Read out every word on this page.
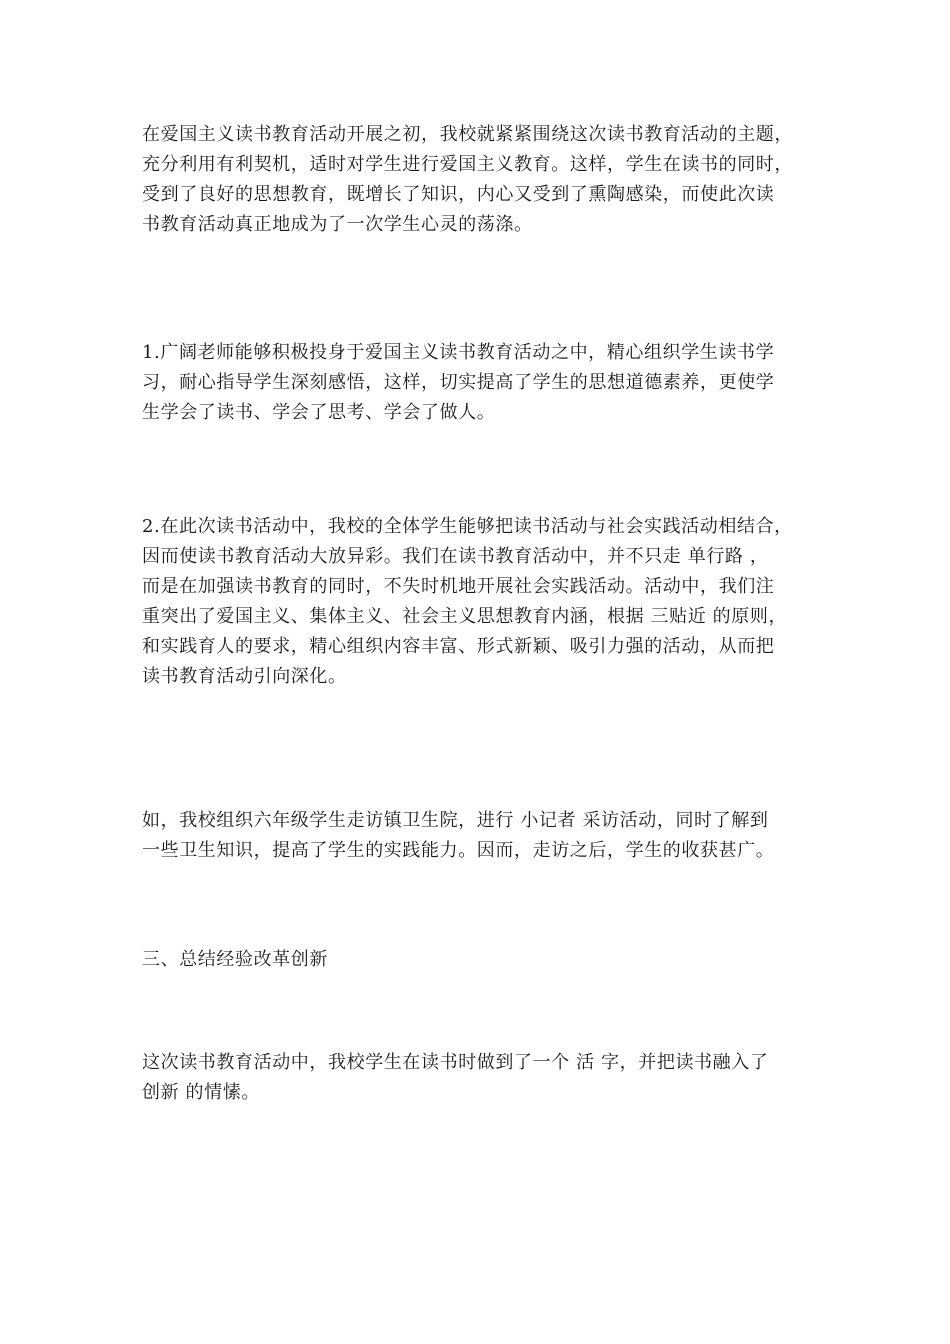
在爱国主义读书教育活动开展之初，我校就紧紧围绕这次读书教育活动的主题，
充分利用有利契机，适时对学生进行爱国主义教育。这样，学生在读书的同时，
受到了良好的思想教育，既增长了知识，内心又受到了熏陶感染，而使此次读
书教育活动真正地成为了一次学生心灵的荡涤。
1.广阔老师能够积极投身于爱国主义读书教育活动之中，精心组织学生读书学
习，耐心指导学生深刻感悟，这样，切实提高了学生的思想道德素养，更使学
生学会了读书、学会了思考、学会了做人。
2.在此次读书活动中，我校的全体学生能够把读书活动与社会实践活动相结合，
因而使读书教育活动大放异彩。我们在读书教育活动中，并不只走 单行路 ，
而是在加强读书教育的同时，不失时机地开展社会实践活动。活动中，我们注
重突出了爱国主义、集体主义、社会主义思想教育内涵，根据 三贴近 的原则，
和实践育人的要求，精心组织内容丰富、形式新颖、吸引力强的活动，从而把
读书教育活动引向深化。
如，我校组织六年级学生走访镇卫生院，进行 小记者 采访活动，同时了解到
一些卫生知识，提高了学生的实践能力。因而，走访之后，学生的收获甚广。
三、总结经验改革创新
这次读书教育活动中，我校学生在读书时做到了一个 活 字，并把读书融入了
创新 的情愫。
